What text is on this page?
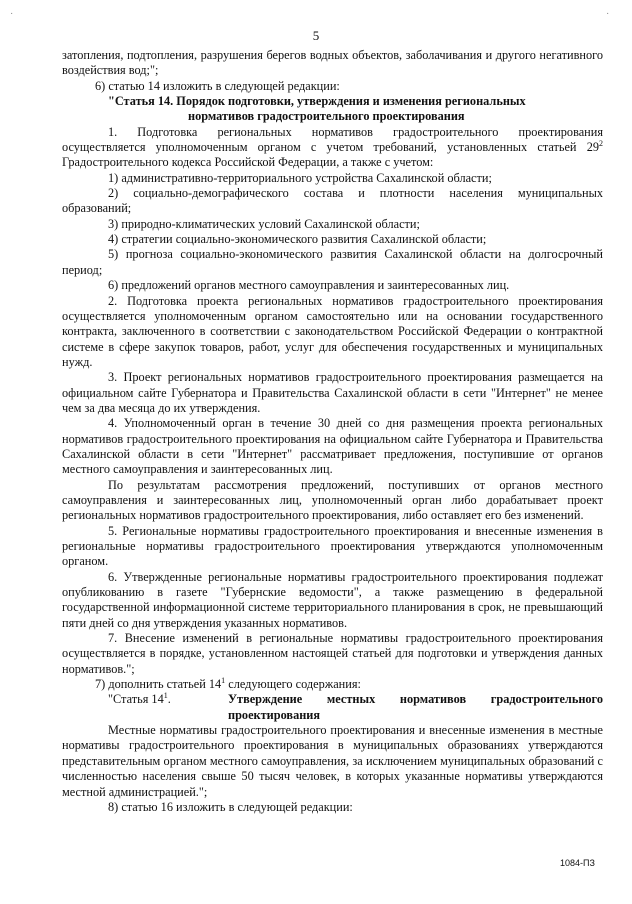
·	·
5

затопления, подтопления, разрушения берегов водных объектов, заболачивания и другого негативного воздействия вод;";

6) статью 14 изложить в следующей редакции:

"Статья 14. Порядок подготовки, утверждения и изменения региональных
нормативов градостроительного проектирования

1. Подготовка региональных нормативов градостроительного проектирования осуществляется уполномоченным органом с учетом требований, установленных статьей $29^2$ Градостроительного кодекса Российской Федерации, а также с учетом:

1) административно-территориального устройства Сахалинской области;

2) социально-демографического состава и плотности населения муниципальных образований;

3) природно-климатических условий Сахалинской области;

4) стратегии социально-экономического развития Сахалинской области;

5) прогноза социально-экономического развития Сахалинской области на долгосрочный период;

6) предложений органов местного самоуправления и заинтересованных лиц.

2. Подготовка проекта региональных нормативов градостроительного проектирования осуществляется уполномоченным органом самостоятельно или на основании государственного контракта, заключенного в соответствии с законодательством Российской Федерации о контрактной системе в сфере закупок товаров, работ, услуг для обеспечения государственных и муниципальных нужд.

3. Проект региональных нормативов градостроительного проектирования размещается на официальном сайте Губернатора и Правительства Сахалинской области в сети "Интернет" не менее чем за два месяца до их утверждения.

4. Уполномоченный орган в течение 30 дней со дня размещения проекта региональных нормативов градостроительного проектирования на официальном сайте Губернатора и Правительства Сахалинской области в сети "Интернет" рассматривает предложения, поступившие от органов местного самоуправления и заинтересованных лиц.

По результатам рассмотрения предложений, поступивших от органов местного самоуправления и заинтересованных лиц, уполномоченный орган либо дорабатывает проект региональных нормативов градостроительного проектирования, либо оставляет его без изменений.

5. Региональные нормативы градостроительного проектирования и внесенные изменения в региональные нормативы градостроительного проектирования утверждаются уполномоченным органом.

6. Утвержденные региональные нормативы градостроительного проектирования подлежат опубликованию в газете "Губернские ведомости", а также размещению в федеральной государственной информационной системе территориального планирования в срок, не превышающий пяти дней со дня утверждения указанных нормативов.

7. Внесение изменений в региональные нормативы градостроительного проектирования осуществляется в порядке, установленном настоящей статьей для подготовки и утверждения данных нормативов.";

7) дополнить статьей $14^1$ следующего содержания:

"Статья $14^1$.	Утверждение местных нормативов градостроительного
проектирования

Местные нормативы градостроительного проектирования и внесенные изменения в местные нормативы градостроительного проектирования в муниципальных образованиях утверждаются представительным органом местного самоуправления, за исключением муниципальных образований с численностью населения свыше 50 тысяч человек, в которых указанные нормативы утверждаются местной администрацией.";

8) статью 16 изложить в следующей редакции:

1084-ПЗ
